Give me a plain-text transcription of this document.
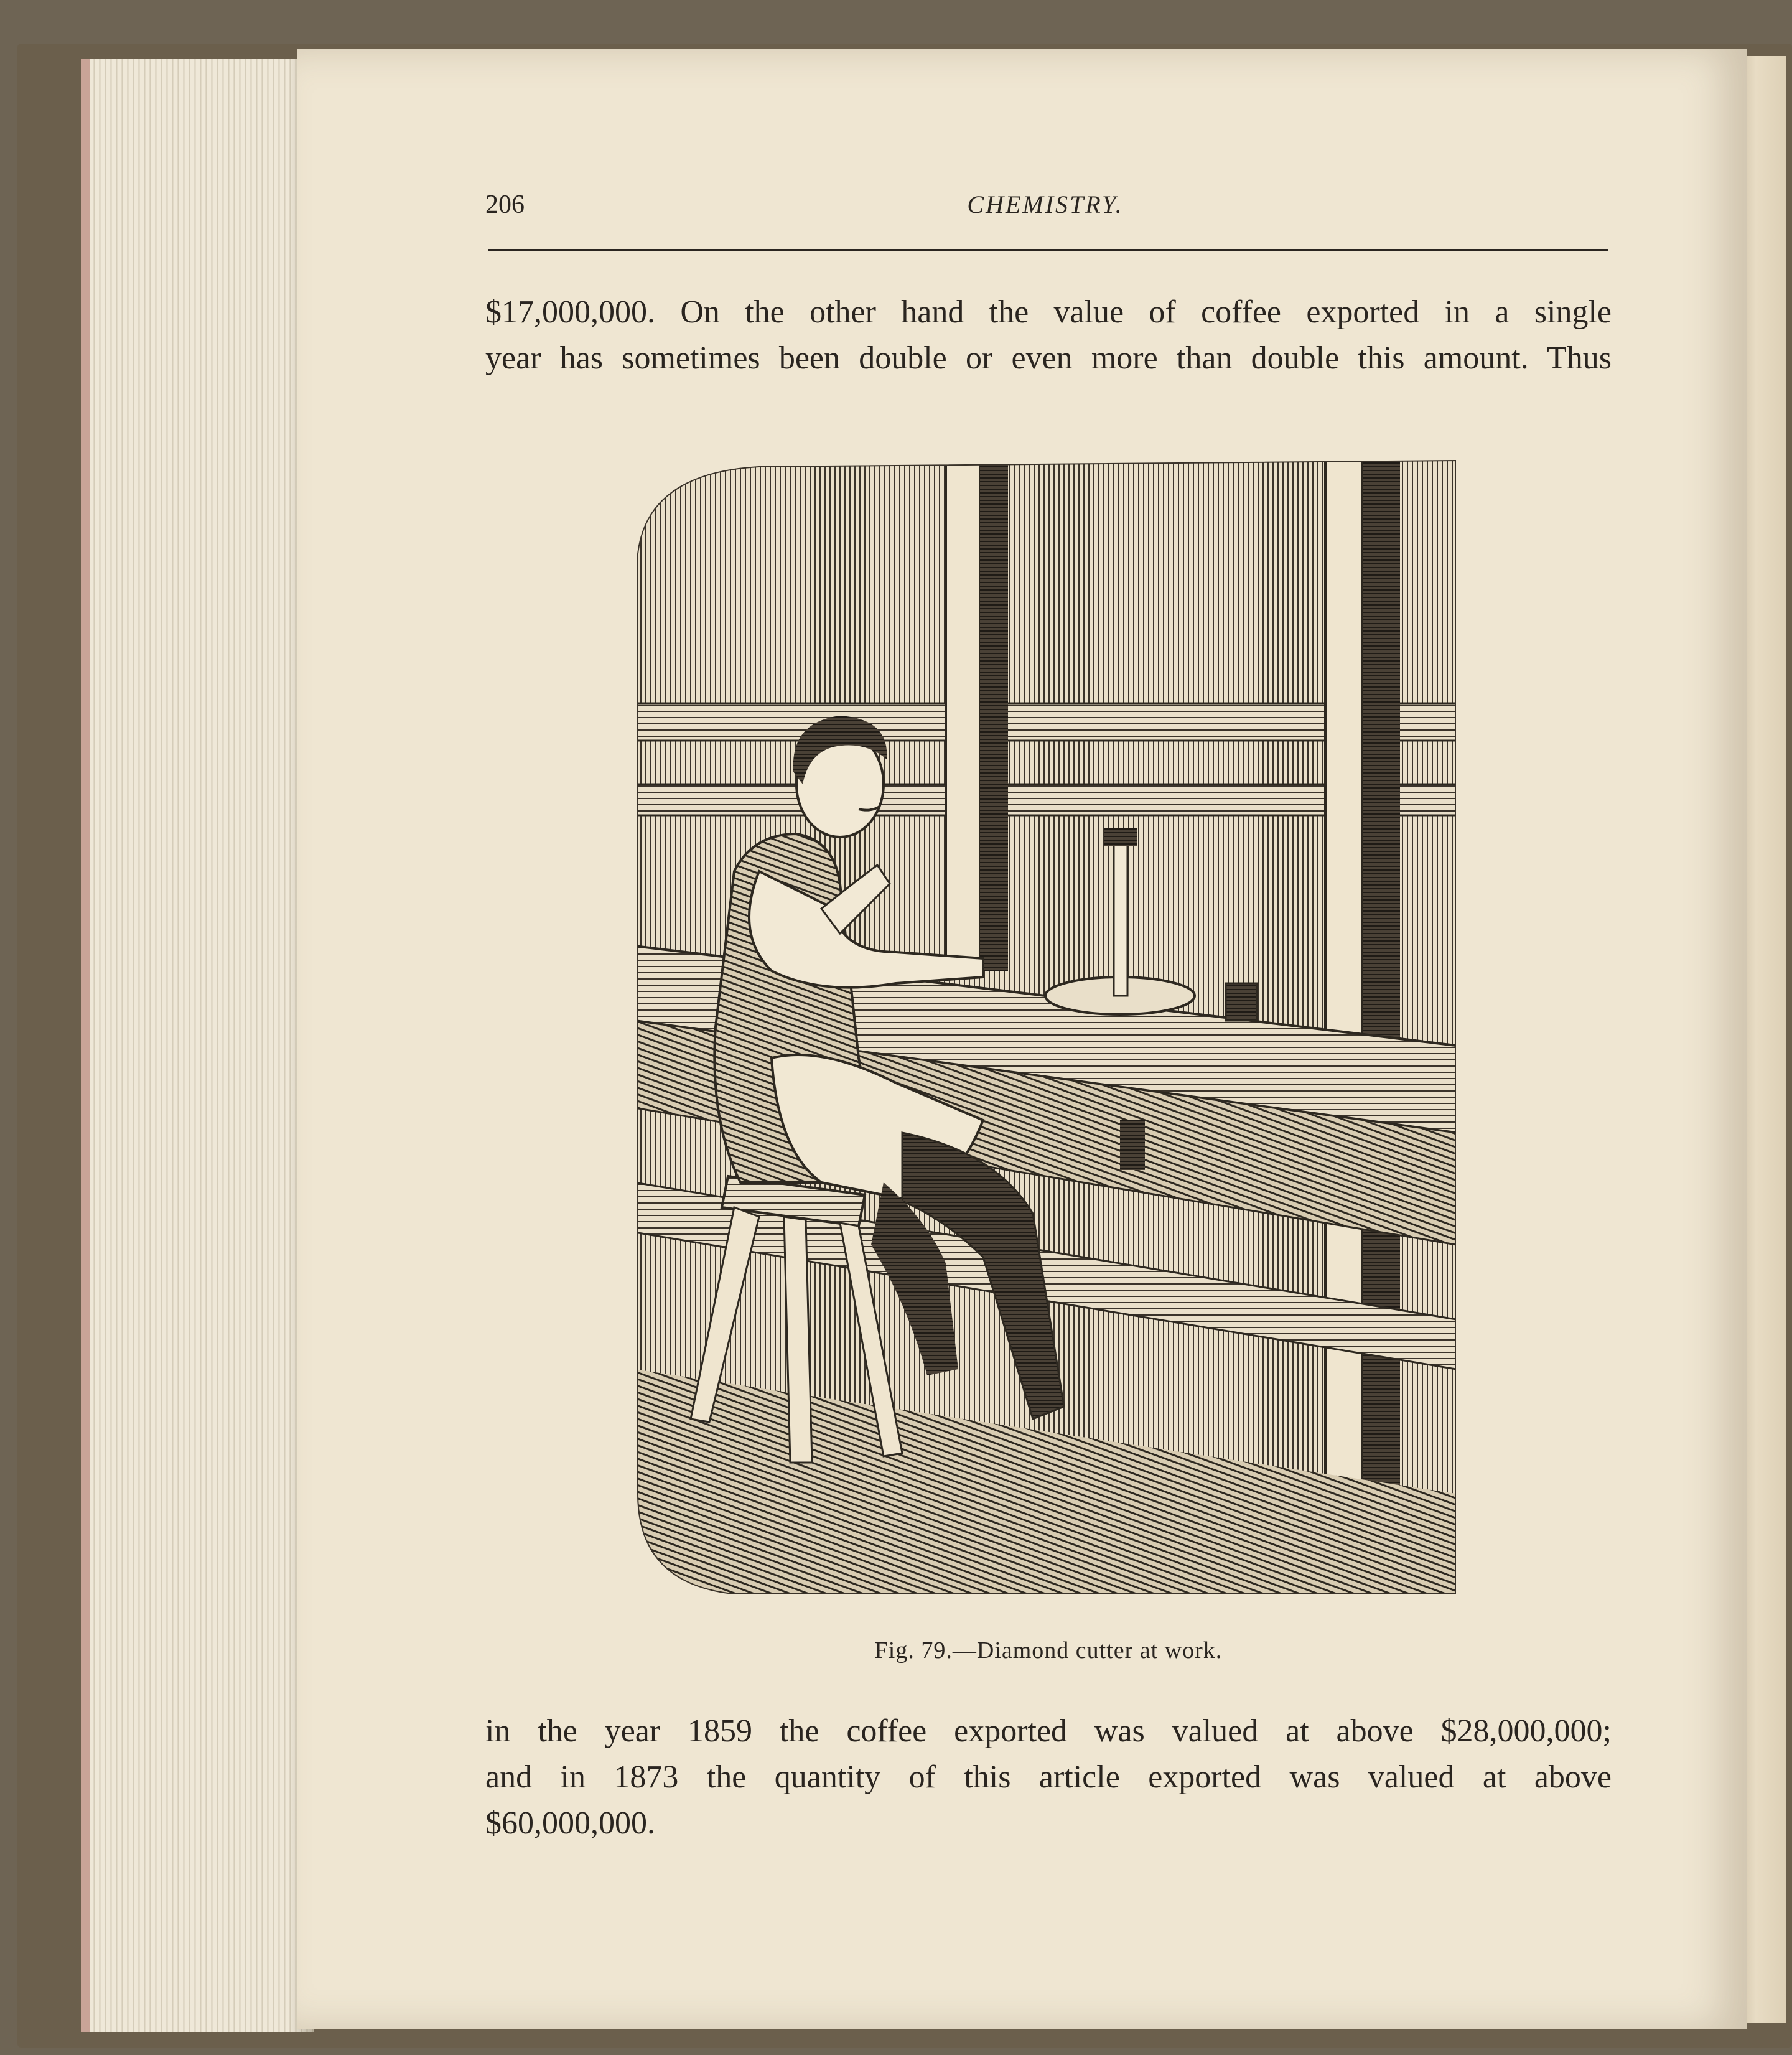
206	CHEMISTRY.
$17,000,000. On the other hand the value of coffee exported in a single
year has sometimes been double or even more than double this amount. Thus
Fig. 79.—Diamond cutter at work.
in the year 1859 the coffee exported was valued at above $28,000,000;
and in 1873 the quantity of this article exported was valued at above
$60,000,000.
